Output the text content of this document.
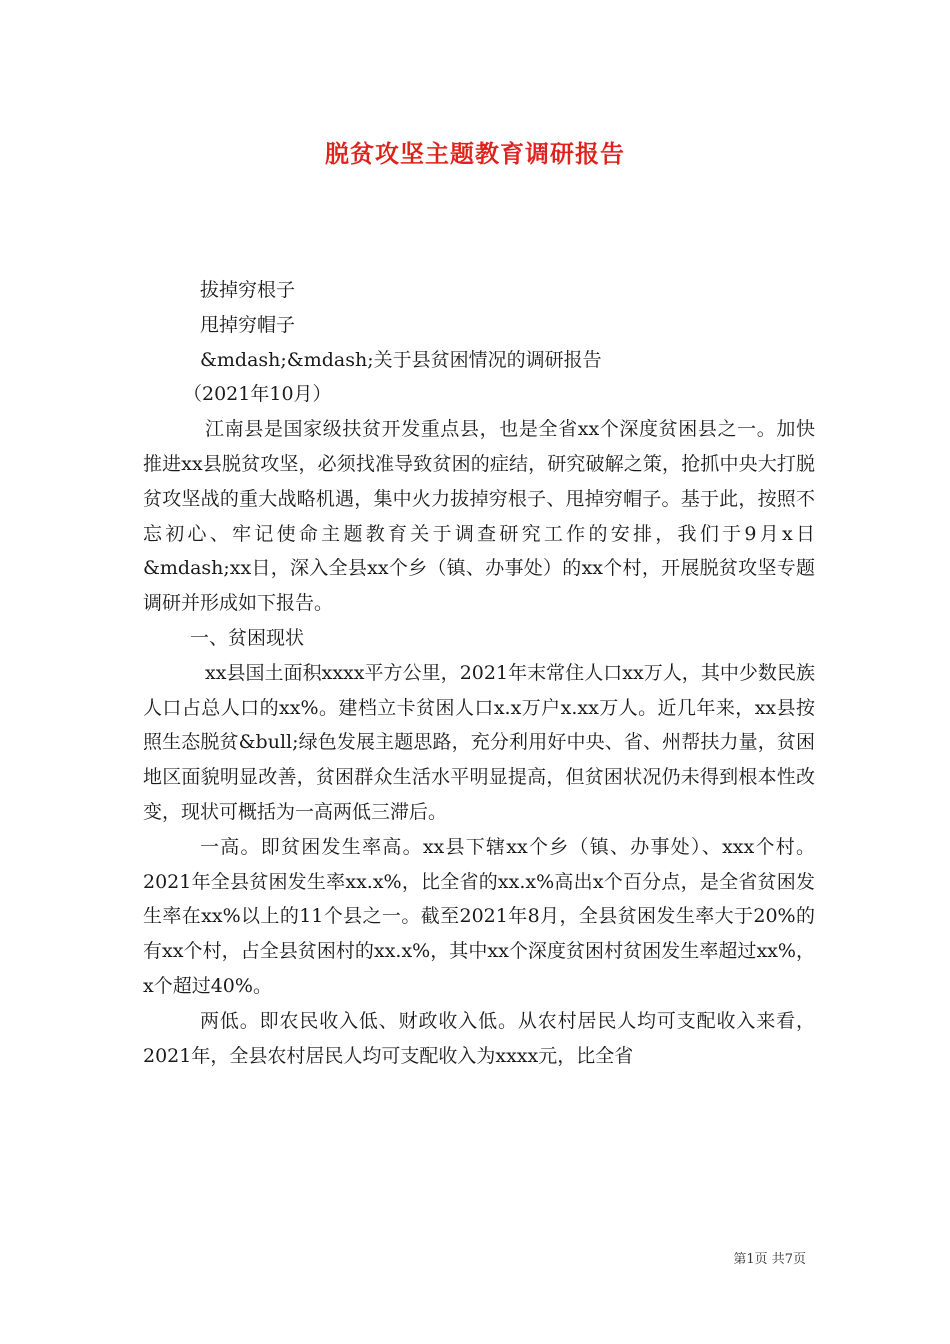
脱贫攻坚主题教育调研报告

拔掉穷根子

甩掉穷帽子

&mdash;&mdash;关于县贫困情况的调研报告

（2021年10月）

江南县是国家级扶贫开发重点县，也是全省xx个深度贫困县之一。加快推进xx县脱贫攻坚，必须找准导致贫困的症结，研究破解之策，抢抓中央大打脱贫攻坚战的重大战略机遇，集中火力拔掉穷根子、甩掉穷帽子。基于此，按照不忘初心、牢记使命主题教育关于调查研究工作的安排，我们于9月x日&mdash;xx日，深入全县xx个乡（镇、办事处）的xx个村，开展脱贫攻坚专题调研并形成如下报告。

一、贫困现状

xx县国土面积xxxx平方公里，2021年末常住人口xx万人，其中少数民族人口占总人口的xx%。建档立卡贫困人口x.x万户x.xx万人。近几年来，xx县按照生态脱贫&bull;绿色发展主题思路，充分利用好中央、省、州帮扶力量，贫困地区面貌明显改善，贫困群众生活水平明显提高，但贫困状况仍未得到根本性改变，现状可概括为一高两低三滞后。

一高。即贫困发生率高。xx县下辖xx个乡（镇、办事处）、xxx个村。2021年全县贫困发生率xx.x%，比全省的xx.x%高出x个百分点，是全省贫困发生率在xx%以上的11个县之一。截至2021年8月，全县贫困发生率大于20%的有xx个村，占全县贫困村的xx.x%，其中xx个深度贫困村贫困发生率超过xx%，x个超过40%。

两低。即农民收入低、财政收入低。从农村居民人均可支配收入来看，2021年，全县农村居民人均可支配收入为xxxx元，比全省

第1页 共7页
